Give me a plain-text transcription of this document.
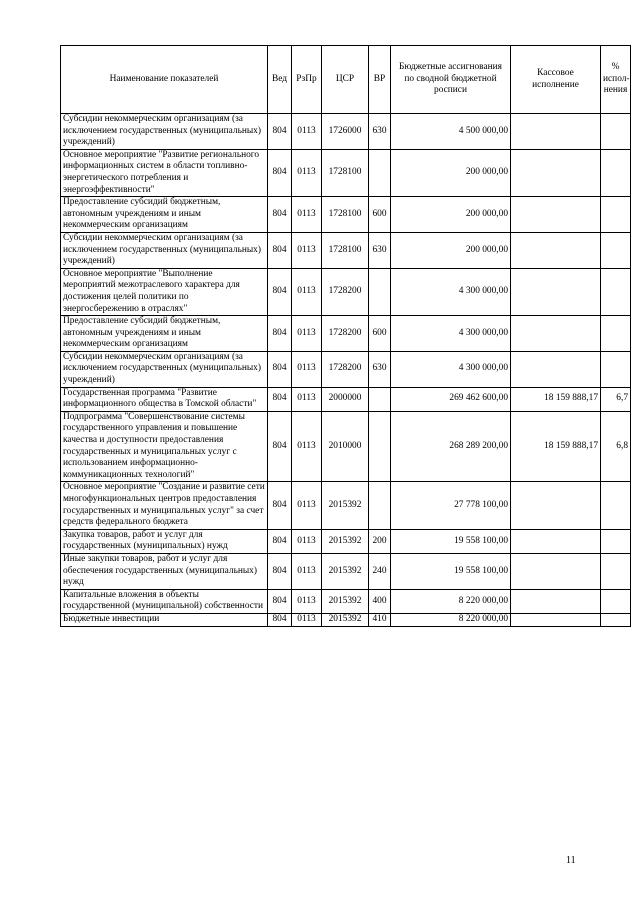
Наименование показателей	Вед	РзПр	ЦСР	ВР	Бюджетные ассигнования по сводной бюджетной росписи	Кассовое исполнение	% испол-нения
Субсидии некоммерческим организациям (за исключением государственных (муниципальных) учреждений)	804	0113	1726000	630	4 500 000,00		
Основное мероприятие "Развитие регионального информационных систем в области топливно-энергетического потребления и энергоэффективности"	804	0113	1728100		200 000,00		
Предоставление субсидий бюджетным, автономным учреждениям и иным некоммерческим организациям	804	0113	1728100	600	200 000,00		
Субсидии некоммерческим организациям (за исключением государственных (муниципальных) учреждений)	804	0113	1728100	630	200 000,00		
Основное мероприятие "Выполнение мероприятий межотраслевого характера для достижения целей политики по энергосбережению в отраслях"	804	0113	1728200		4 300 000,00		
Предоставление субсидий бюджетным, автономным учреждениям и иным некоммерческим организациям	804	0113	1728200	600	4 300 000,00		
Субсидии некоммерческим организациям (за исключением государственных (муниципальных) учреждений)	804	0113	1728200	630	4 300 000,00		
Государственная программа "Развитие информационного общества в Томской области"	804	0113	2000000		269 462 600,00	18 159 888,17	6,7
Подпрограмма "Совершенствование системы государственного управления и повышение качества и доступности предоставления государственных и муниципальных услуг с использованием информационно-коммуникационных технологий"	804	0113	2010000		268 289 200,00	18 159 888,17	6,8
Основное мероприятие "Создание и развитие сети многофункциональных центров предоставления государственных и муниципальных услуг" за счет средств федерального бюджета	804	0113	2015392		27 778 100,00		
Закупка товаров, работ и услуг для государственных (муниципальных) нужд	804	0113	2015392	200	19 558 100,00		
Иные закупки товаров, работ и услуг для обеспечения государственных (муниципальных) нужд	804	0113	2015392	240	19 558 100,00		
Капитальные вложения в объекты государственной (муниципальной) собственности	804	0113	2015392	400	8 220 000,00		
Бюджетные инвестиции	804	0113	2015392	410	8 220 000,00		
11
